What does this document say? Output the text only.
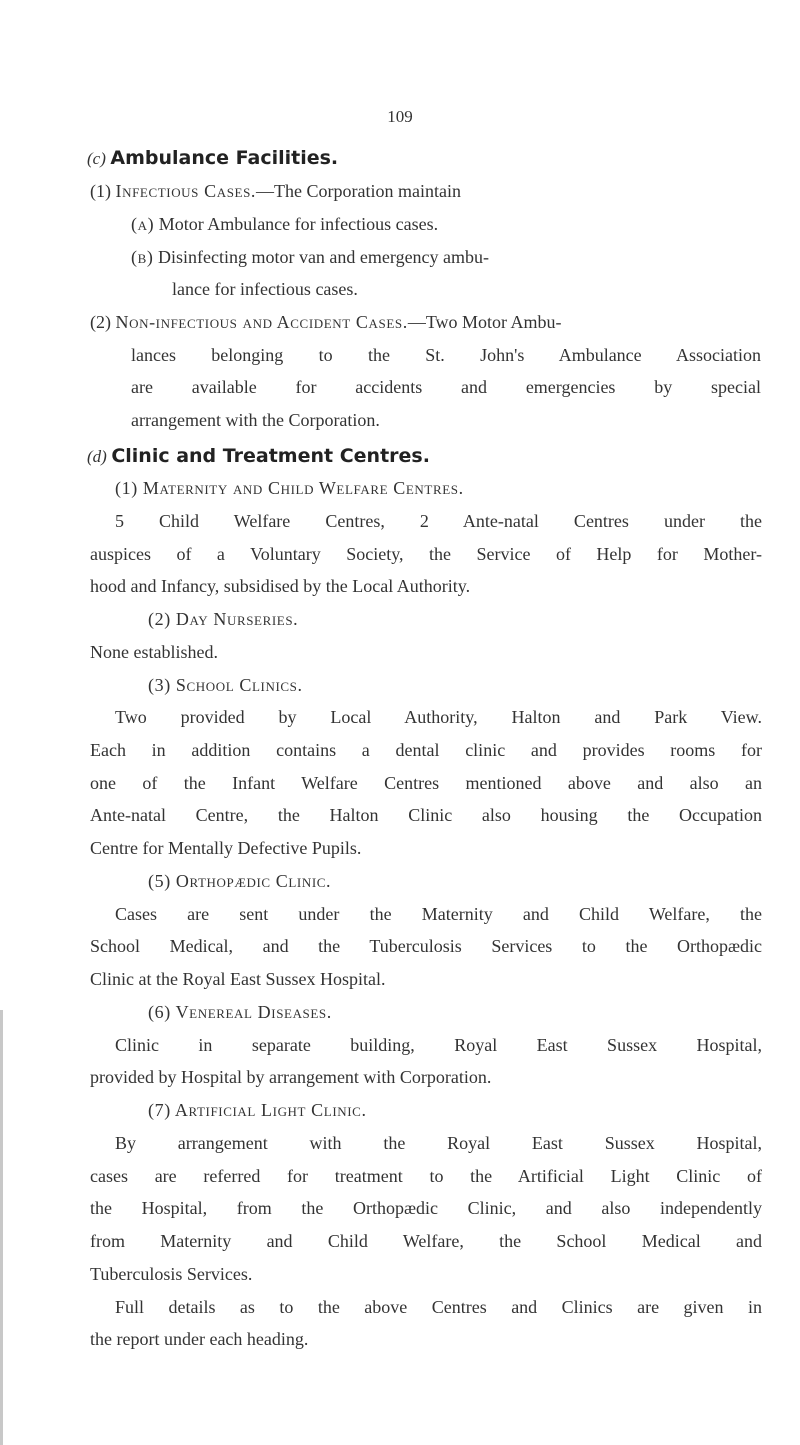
109
(c) Ambulance Facilities.
(1) Infectious Cases.—The Corporation maintain
(a) Motor Ambulance for infectious cases.
(b) Disinfecting motor van and emergency ambu-
lance for infectious cases.
(2) Non-infectious and Accident Cases.—Two Motor Ambu-
lances belonging to the St. John's Ambulance Association
are available for accidents and emergencies by special
arrangement with the Corporation.
(d) Clinic and Treatment Centres.
(1) Maternity and Child Welfare Centres.
5 Child Welfare Centres, 2 Ante-natal Centres under the
auspices of a Voluntary Society, the Service of Help for Mother-
hood and Infancy, subsidised by the Local Authority.
(2) Day Nurseries.
None established.
(3) School Clinics.
Two provided by Local Authority, Halton and Park View.
Each in addition contains a dental clinic and provides rooms for
one of the Infant Welfare Centres mentioned above and also an
Ante-natal Centre, the Halton Clinic also housing the Occupation
Centre for Mentally Defective Pupils.
(5) Orthopædic Clinic.
Cases are sent under the Maternity and Child Welfare, the
School Medical, and the Tuberculosis Services to the Orthopædic
Clinic at the Royal East Sussex Hospital.
(6) Venereal Diseases.
Clinic in separate building, Royal East Sussex Hospital,
provided by Hospital by arrangement with Corporation.
(7) Artificial Light Clinic.
By arrangement with the Royal East Sussex Hospital,
cases are referred for treatment to the Artificial Light Clinic of
the Hospital, from the Orthopædic Clinic, and also independently
from Maternity and Child Welfare, the School Medical and
Tuberculosis Services.
Full details as to the above Centres and Clinics are given in
the report under each heading.
